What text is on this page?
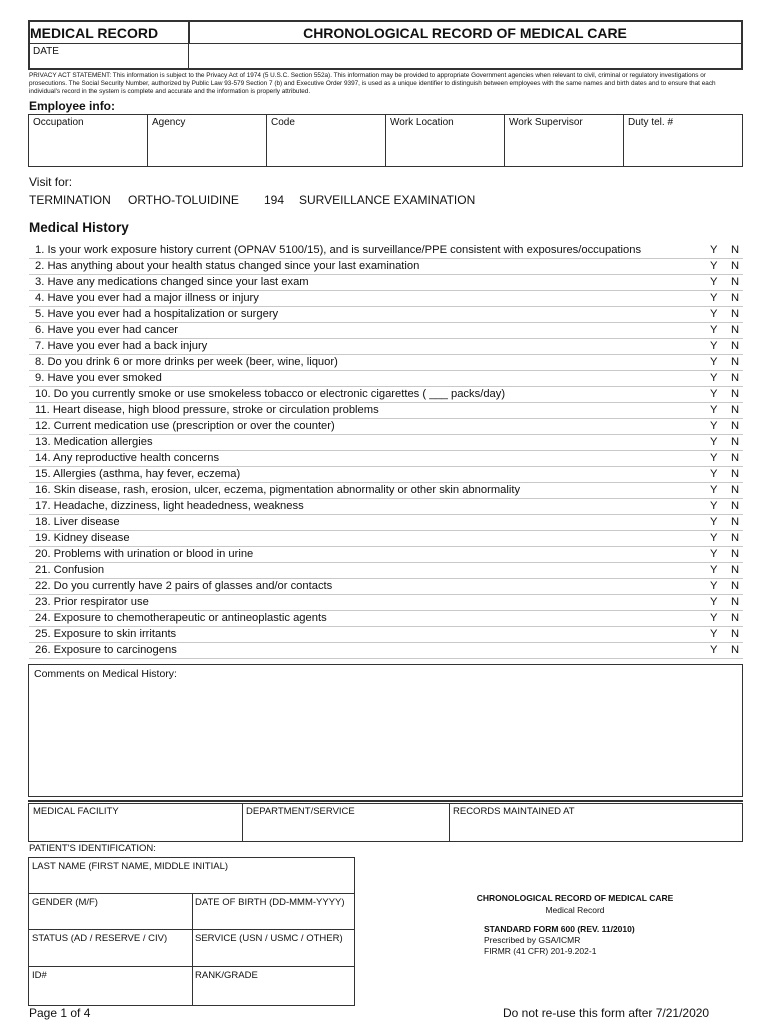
MEDICAL RECORD	CHRONOLOGICAL RECORD OF MEDICAL CARE
DATE
PRIVACY ACT STATEMENT: This information is subject to the Privacy Act of 1974 (5 U.S.C. Section 552a). This information may be provided to appropriate Government agencies when relevant to civil, criminal or regulatory investigations or prosecutions. The Social Security Number, authorized by Public Law 93-579 Section 7 (b) and Executive Order 9397, is used as a unique identifier to distinguish between employees with the same names and birth dates and to ensure that each individual's record in the system is complete and accurate and the information is properly attributed.
Employee info:
Occupation	Agency	Code	Work Location	Work Supervisor	Duty tel. #
Visit for:
TERMINATION ORTHO-TOLUIDINE 194 SURVEILLANCE EXAMINATION
Medical History
1. Is your work exposure history current (OPNAV 5100/15), and is surveillance/PPE consistent with exposures/occupations	Y N
2. Has anything about your health status changed since your last examination	Y N
3. Have any medications changed since your last exam	Y N
4. Have you ever had a major illness or injury	Y N
5. Have you ever had a hospitalization or surgery	Y N
6. Have you ever had cancer	Y N
7. Have you ever had a back injury	Y N
8. Do you drink 6 or more drinks per week (beer, wine, liquor)	Y N
9. Have you ever smoked	Y N
10. Do you currently smoke or use smokeless tobacco or electronic cigarettes ( ___ packs/day)	Y N
11. Heart disease, high blood pressure, stroke or circulation problems	Y N
12. Current medication use (prescription or over the counter)	Y N
13. Medication allergies	Y N
14. Any reproductive health concerns	Y N
15. Allergies (asthma, hay fever, eczema)	Y N
16. Skin disease, rash, erosion, ulcer, eczema, pigmentation abnormality or other skin abnormality	Y N
17. Headache, dizziness, light headedness, weakness	Y N
18. Liver disease	Y N
19. Kidney disease	Y N
20. Problems with urination or blood in urine	Y N
21. Confusion	Y N
22. Do you currently have 2 pairs of glasses and/or contacts	Y N
23. Prior respirator use	Y N
24. Exposure to chemotherapeutic or antineoplastic agents	Y N
25. Exposure to skin irritants	Y N
26. Exposure to carcinogens	Y N
Comments on Medical History:
MEDICAL FACILITY	DEPARTMENT/SERVICE	RECORDS MAINTAINED AT
PATIENT'S IDENTIFICATION:
LAST NAME (FIRST NAME, MIDDLE INITIAL)
GENDER (M/F)	DATE OF BIRTH (DD-MMM-YYYY)
STATUS (AD / RESERVE / CIV)	SERVICE (USN / USMC / OTHER)
ID#	RANK/GRADE
CHRONOLOGICAL RECORD OF MEDICAL CARE
Medical Record
STANDARD FORM 600 (REV. 11/2010)
Prescribed by GSA/ICMR
FIRMR (41 CFR) 201-9.202-1
Page 1 of 4	Do not re-use this form after 7/21/2020
